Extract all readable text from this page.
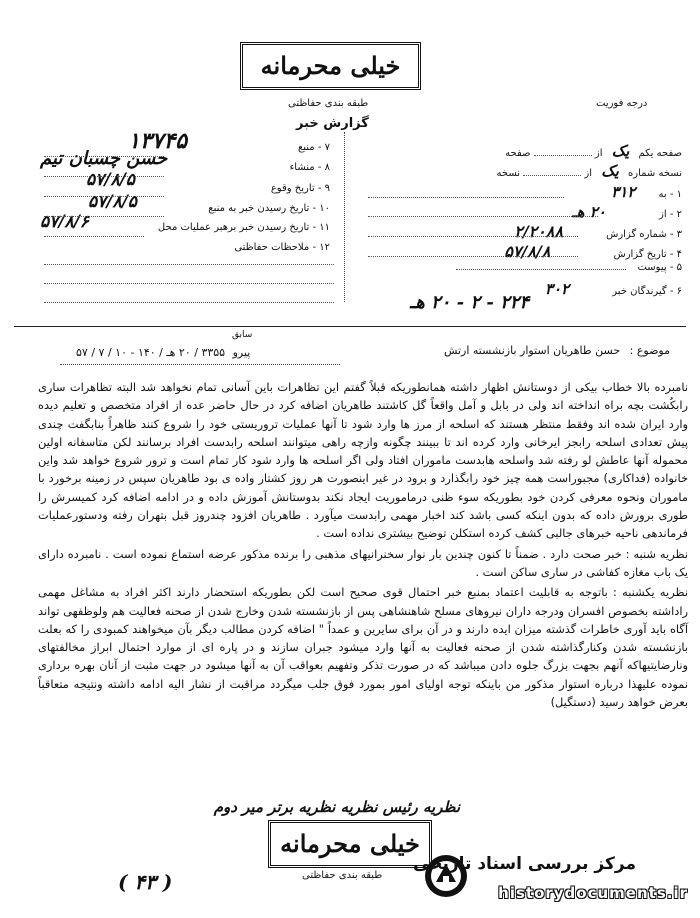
خیلی محرمانه
طبقه بندی حفاظتی	درجه فوریت
گزارش خبر
صفحه یکم یک از  صفحه
نسخه شماره یک از  نسخه
۱ - به ۳۱۲
۲ - از ۲۰ هـ
۳ - شماره گزارش ۲/۲۰۸۸
۴ - تاریخ گزارش ۵۷/۸/۸
۵ - پیوست
۶ - گیرندگان خبر ۳۰۲
۷ - منبع
۱۳۷۴۵
۸ - منشاء
حسن چسبان تیم
۹ - تاریخ وقوع
۵۷/۸/۵
۱۰ - تاریخ رسیدن خبر به منبع
۵۷/۸/۵
۱۱ - تاریخ رسیدن خبر برهبر عملیات محل
۵۷/۸/۶
۱۲ - ملاحظات حفاظتی
۲۲۴ - ۲ - ۲۰ هـ
موضوع : حسن طاهریان استوار بازنشسته ارتش
سابق
پیرو ۳۳۵۵ / ۲۰ هـ / ۱۴۰ - ۱۰ / ۷ / ۵۷

نامبرده بالا خطاب بیکی از دوستانش اظهار داشته همانطوریکه قبلاً گفتم این تظاهرات باین آسانی تمام نخواهد شد البته تظاهرات ساری رابکُشت بچه براه انداخته اند ولی در بابل و آمل واقعاً گل کاشتند طاهریان اضافه کرد در حال حاضر عده از افراد متخصص و تعلیم دیده وارد ایران شده اند وفقط منتظر هستند که اسلحه از مرز ها وارد شود تا آنها عملیات تروریستی خود را شروع کنند ظاهراً بنابگفت چندی پیش تعدادی اسلحه رابجز ایرخانی وارد کرده اند تا ببینند چگونه وازچه راهی میتوانند اسلحه رابدست افراد برسانند لکن متاسفانه اولین محموله آنها عاطش لو رفته شد واسلحه هابدست ماموران افتاد ولی اگر اسلحه ها وارد شود کار تمام است و ترور شروع خواهد شد واین خانواده (فداکاری) مجبوراست همه چیز خود رابگذارد و برود در غیر اینصورت هر روز کشتار واده ی بود طاهریان سپس در زمینه برخورد با ماموران ونحوه معرفی کردن خود بطوریکه سوء ظنی درماموریت ایجاد نکند بدوستانش آموزش داده و در ادامه اضافه کرد کمیسرش را طوری برورش داده که بدون اینکه کسی باشد کند اخبار مهمی رابدست میآورد . طاهریان افزود چندروز قبل بتهران رفته ودستورعملیات فرماندهی ناحیه خبرهای جالبی کشف کرده استکلن توضیح بیشتری نداده است .

نظریه شنبه : خبر صحت دارد . ضمناً تا کنون چندین بار نوار سخنرانیهای مذهبی را برنده مذکور عرضه استماع نموده است . نامبرده دارای یک باب مغازه کفاشی در ساری ساکن است .

نظریه یکشنبه : باتوجه به قابلیت اعتماد بمنبع خبر احتمال قوی صحیح است لکن بطوریکه استحضار دارند اکثر افراد به مشاغل مهمی راداشته بخصوص افسران ودرجه داران نیروهای مسلح شاهنشاهی پس از بازنشسته شدن وخارج شدن از صحنه فعالیت هم ولوظفهی تواند آگاه باید آوری خاطرات گذشته میزان ایده دارند و در آن برای سایرین و عمداً " اضافه کردن مطالب دیگر بآن میخواهند کمبودی را که بعلت بازنشسته شدن وکنارگذاشته شدن از صحنه فعالیت به آنها وارد میشود جبران سازند و در پاره ای از موارد احتمال ابراز مخالفتهای ونارضایتیهاکه آنهم بجهت بزرگ جلوه دادن میباشد که در صورت تذکر وتفهیم بعواقب آن به آنها میشود در جهت مثبت از آنان بهره برداری نموده علیهذا درباره استوار مذکور من باینکه توجه اولیای امور بمورد فوق جلب میگردد مراقبت از نشار الیه ادامه داشته ونتیجه متعاقباً بعرض خواهد رسید (دستگیل)

نظریه رئیس نظریه نظریه برتر میر دوم
خیلی محرمانه
طبقه بندی حفاظتی
( ۴۳ )
مرکز بررسی اسناد تاریخی
historydocuments.ir
